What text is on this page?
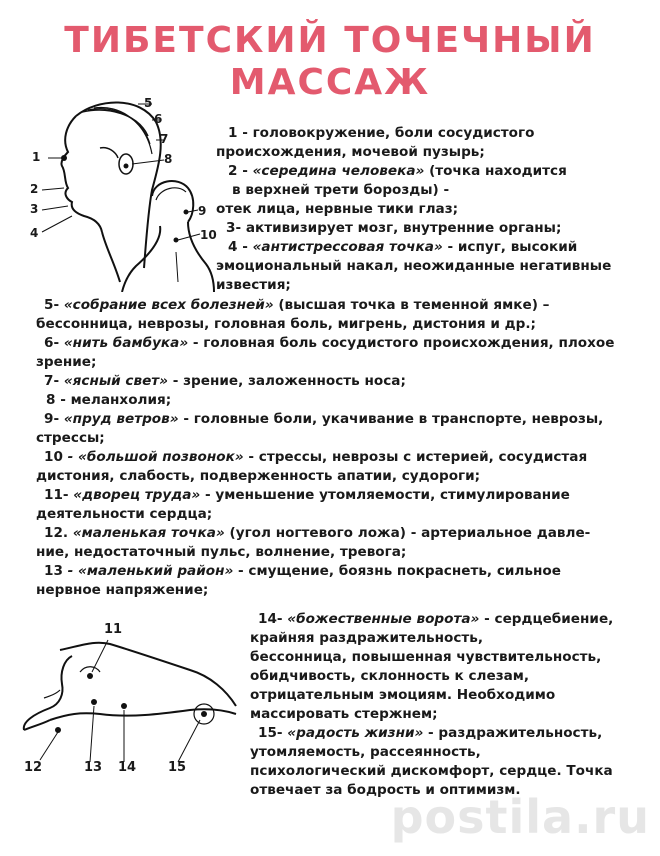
ТИБЕТСКИЙ ТОЧЕЧНЫЙ
МАССАЖ
5
6
7
8
1
2
3
4
9
10
11
12	13 14 15
1 - головокружение, боли сосудистого
происхождения, мочевой пузырь;
2 - «середина человека» (точка находится
в верхней трети борозды) -
отек лица, нервные тики глаз;
3- активизирует мозг, внутренние органы;
4 - «антистрессовая точка» - испуг, высокий
эмоциональный накал, неожиданные негативные
известия;
5- «собрание всех болезней» (высшая точка в теменной ямке) –
бессонница, неврозы, головная боль, мигрень, дистония и др.;
6- «нить бамбука» - головная боль сосудистого происхождения, плохое
зрение;
7- «ясный свет» - зрение, заложенность носа;
8 - меланхолия;
9- «пруд ветров» - головные боли, укачивание в транспорте, неврозы,
стрессы;
10 - «большой позвонок» - стрессы, неврозы с истерией, сосудистая
дистония, слабость, подверженность апатии, судороги;
11- «дворец труда» - уменьшение утомляемости, стимулирование
деятельности сердца;
12. «маленькая точка» (угол ногтевого ложа) - артериальное давле-
ние, недостаточный пульс, волнение, тревога;
13 - «маленький район» - смущение, боязнь покраснеть, сильное
нервное напряжение;
14- «божественные ворота» - сердцебиение,
крайняя раздражительность,
бессонница, повышенная чувствительность,
обидчивость, склонность к слезам,
отрицательным эмоциям. Необходимо
массировать стержнем;
15- «радость жизни» - раздражительность,
утомляемость, рассеянность,
психологический дискомфорт, сердце. Точка
отвечает за бодрость и оптимизм.
postila.ru
